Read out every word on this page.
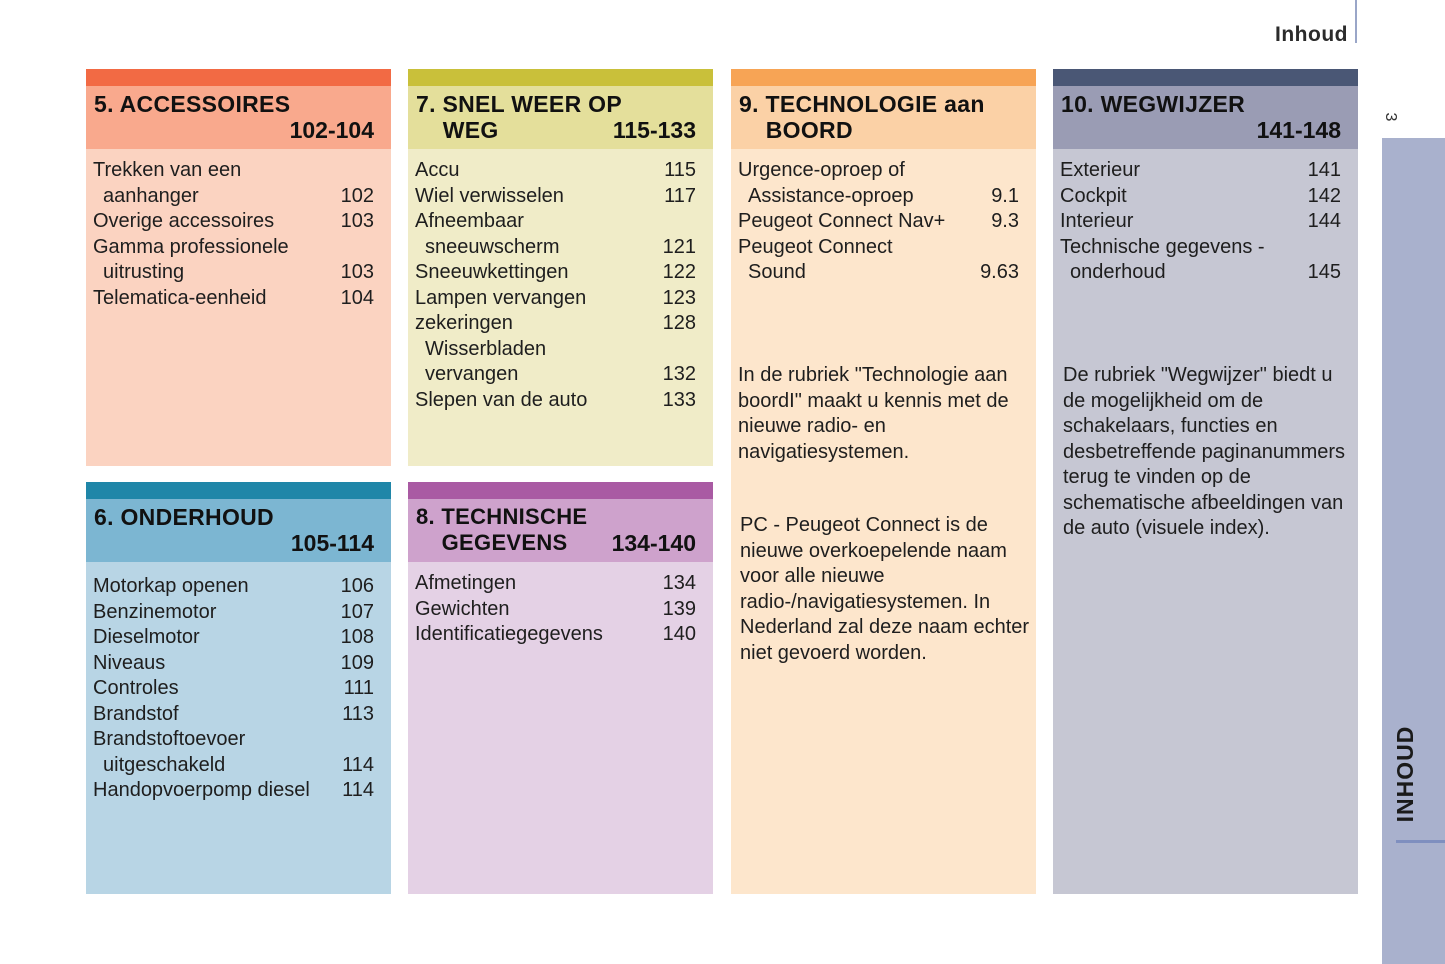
Inhoud
3
INHOUD
5. ACCESSOIRES
102-104
Trekken van een
aanhanger	102
Overige accessoires	103
Gamma professionele
uitrusting	103
Telematica-eenheid	104
6. ONDERHOUD
105-114
Motorkap openen	106
Benzinemotor	107
Dieselmotor	108
Niveaus	109
Controles	111
Brandstof	113
Brandstoftoevoer
uitgeschakeld	114
Handopvoerpomp diesel 114
7. SNEL WEER OP
WEG	115-133
Accu	115
Wiel verwisselen	117
Afneembaar
sneeuwscherm	121
Sneeuwkettingen	122
Lampen vervangen	123
zekeringen	128
Wisserbladen
vervangen	132
Slepen van de auto	133
8. TECHNISCHE
GEGEVENS	134-140
Afmetingen	134
Gewichten	139
Identificatiegegevens	140
9. TECHNOLOGIE aan
BOORD
Urgence-oproep of
Assistance-oproep	9.1
Peugeot Connect Nav+ 9.3
Peugeot Connect
Sound	9.63

In de rubriek "Technologie aan boordI" maakt u kennis met de nieuwe radio- en navigatiesystemen.

PC - Peugeot Connect is de nieuwe overkoepelende naam voor alle nieuwe radio-/navigatiesystemen. In Nederland zal deze naam echter niet gevoerd worden.

10. WEGWIJZER
141-148
Exterieur	141
Cockpit	142
Interieur	144
Technische gegevens -
onderhoud	145

De rubriek "Wegwijzer" biedt u de mogelijkheid om de schakelaars, functies en desbetreffende paginanummers terug te vinden op de schematische afbeeldingen van de auto (visuele index).
